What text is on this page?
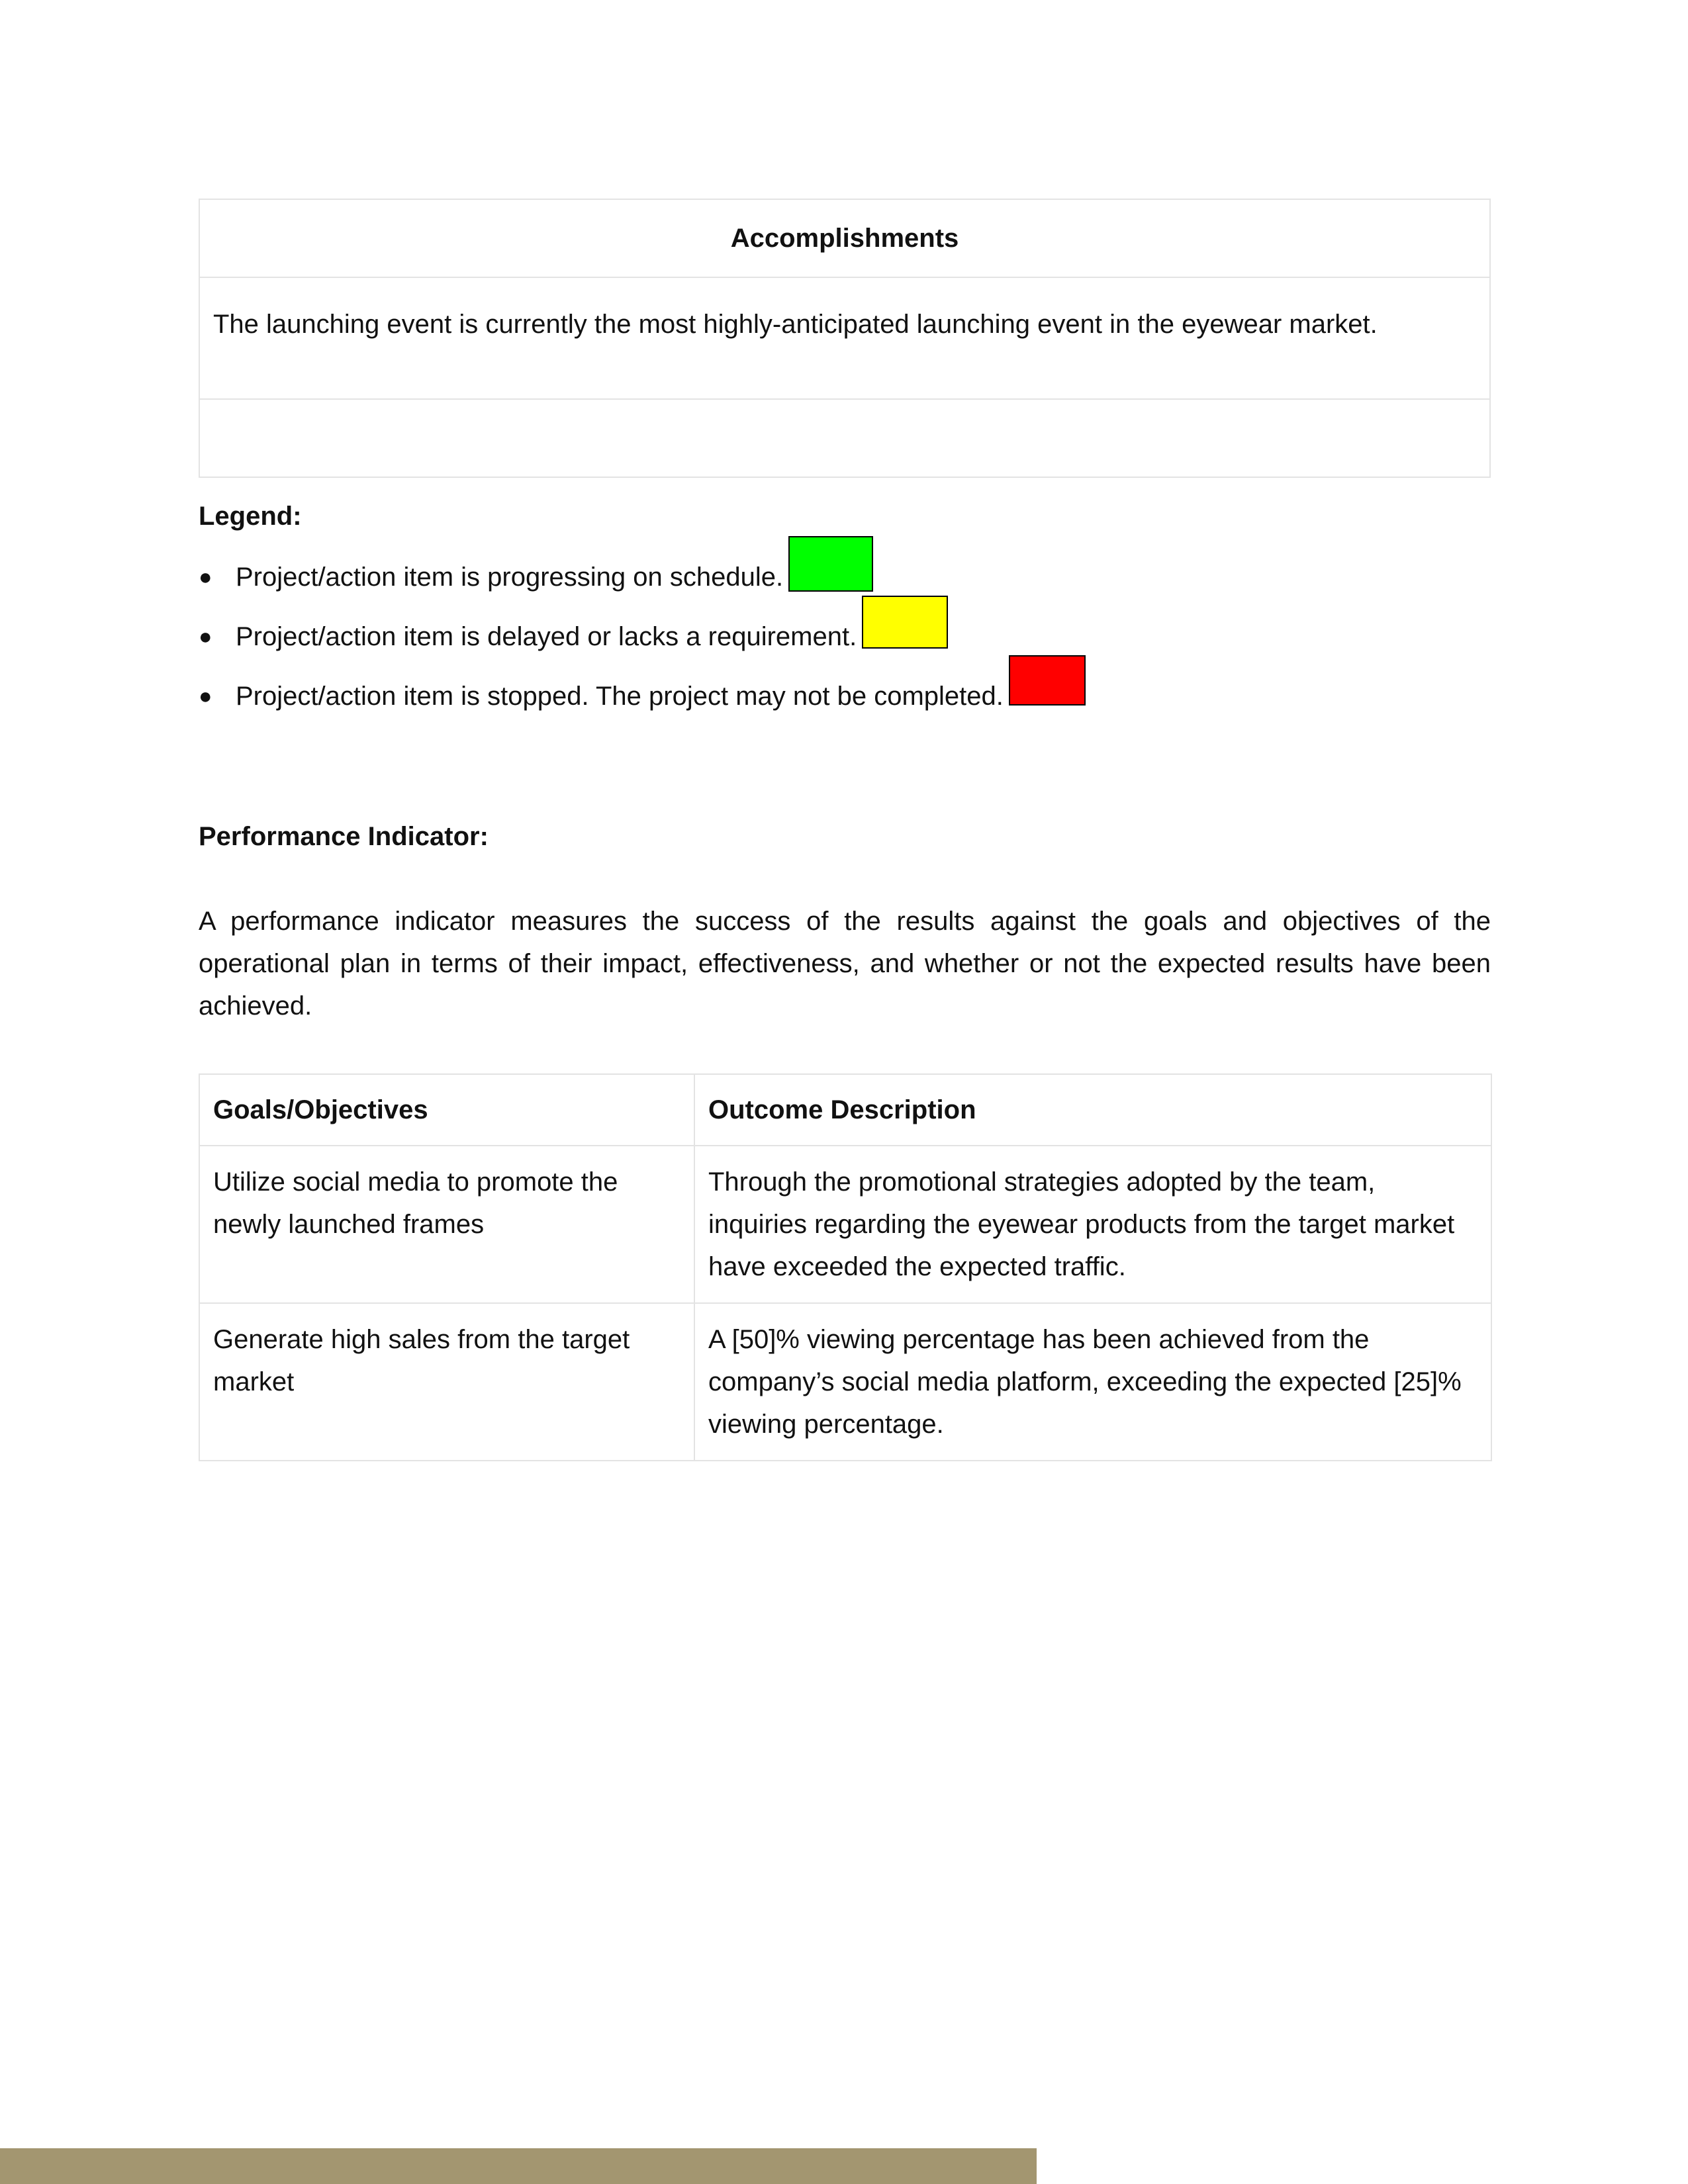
Accomplishments
The launching event is currently the most highly-anticipated launching event in the eyewear market.

Legend:
● Project/action item is progressing on schedule.
● Project/action item is delayed or lacks a requirement.
● Project/action item is stopped. The project may not be completed.
Performance Indicator:

A performance indicator measures the success of the results against the goals and objectives of the operational plan in terms of their impact, effectiveness, and whether or not the expected results have been achieved.

Goals/Objectives	Outcome Description
Utilize social media to promote the newly launched frames	Through the promotional strategies adopted by the team, inquiries regarding the eyewear products from the target market have exceeded the expected traffic.
Generate high sales from the target market	A [50]% viewing percentage has been achieved from the company’s social media platform, exceeding the expected [25]% viewing percentage.
